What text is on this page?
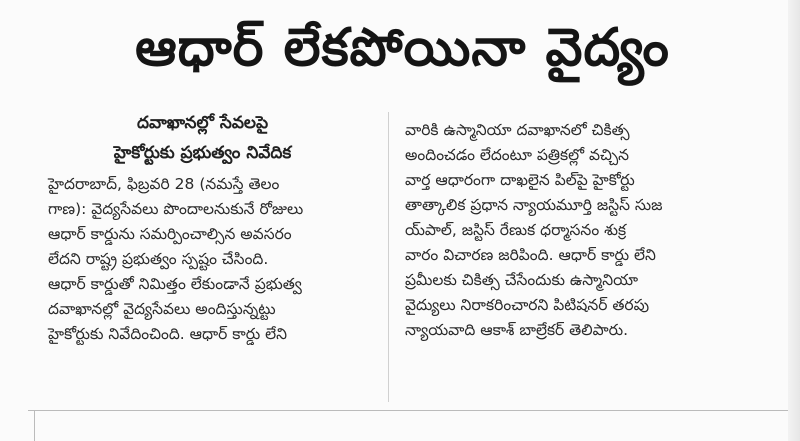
ఆధార్ లేకపోయినా వైద్యం
దవాఖానల్లో సేవలపై
హైకోర్టుకు ప్రభుత్వం నివేదిక

హైదరాబాద్, ఫిబ్రవరి 28 (నమస్తే తెలం

గాణ): వైద్యసేవలు పొందాలనుకునే రోజులు

ఆధార్ కార్డును సమర్పించాల్సిన అవసరం

లేదని రాష్ట్ర ప్రభుత్వం స్పష్టం చేసింది.

ఆధార్ కార్డుతో నిమిత్తం లేకుండానే ప్రభుత్వ

దవాఖానల్లో వైద్యసేవలు అందిస్తున్నట్టు

హైకోర్టుకు నివేదించింది. ఆధార్ కార్డు లేని

వారికి ఉస్మానియా దవాఖానలో చికిత్స

అందించడం లేదంటూ పత్రికల్లో వచ్చిన

వార్త ఆధారంగా దాఖలైన పిల్‌పై హైకోర్టు

తాత్కాలిక ప్రధాన న్యాయమూర్తి జస్టిస్ సుజ

య్‌పాల్, జస్టిస్ రేణుక ధర్మాసనం శుక్ర

వారం విచారణ జరిపింది. ఆధార్ కార్డు లేని

ప్రమీలకు చికిత్స చేసేందుకు ఉస్మానియా

వైద్యులు నిరాకరించారని పిటిషనర్ తరపు

న్యాయవాది ఆకాశ్ బాల్రేకర్ తెలిపారు.
